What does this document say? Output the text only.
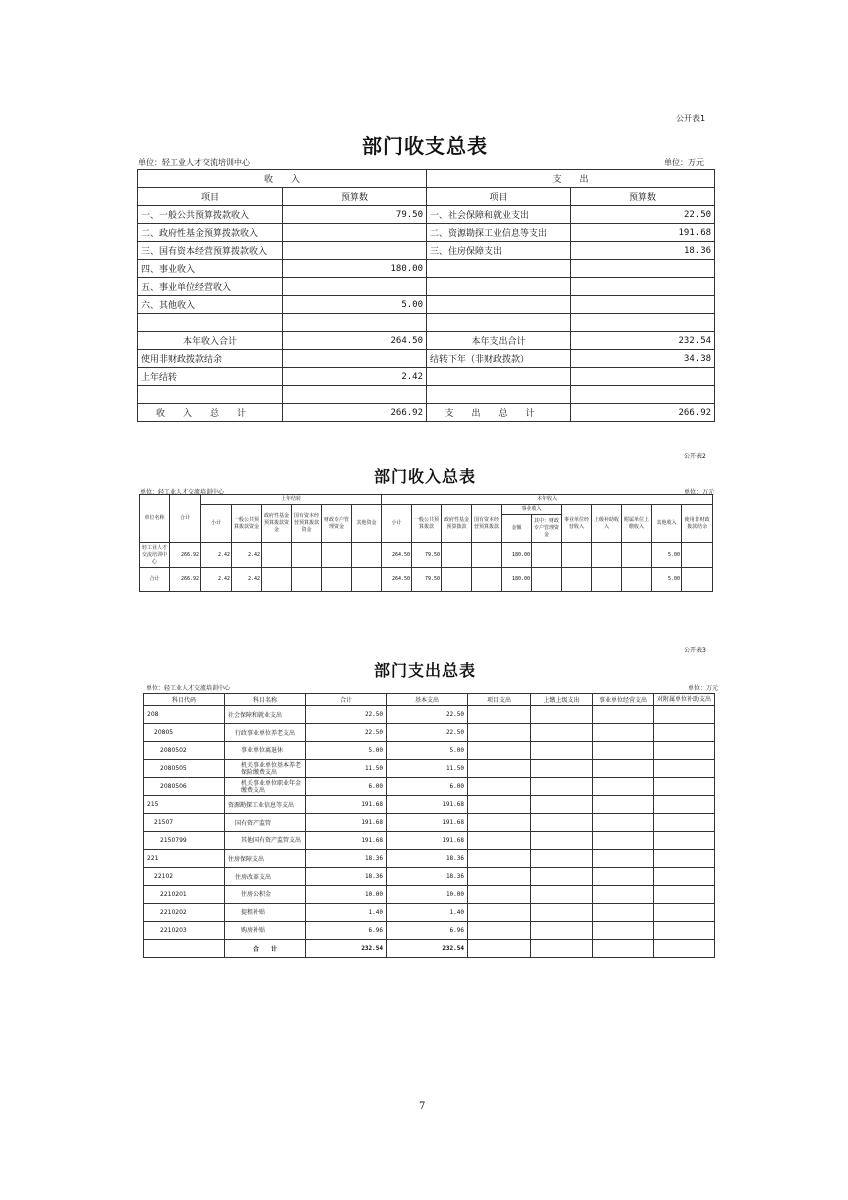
公开表1
部门收支总表
单位：轻工业人才交流培训中心	单位：万元
收　　入		支　　出	
项目	预算数	项目	预算数
一、一般公共预算拨款收入	79.50	一、社会保障和就业支出	22.50
二、政府性基金预算拨款收入		二、资源勘探工业信息等支出	191.68
三、国有资本经营预算拨款收入		三、住房保障支出	18.36
四、事业收入	180.00		
五、事业单位经营收入			
六、其他收入	5.00		

本年收入合计	264.50	本年支出合计	232.54
使用非财政拨款结余		结转下年（非财政拨款）	34.38
上年结转	2.42		

收入总计	266.92	支出总计	266.92
公开表2
部门收入总表
单位：轻工业人才交流培训中心	单位：万元
单位名称	合计	上年结转						本年收入										
		小计	一般公共预算拨款资金	政府性基金预算拨款资金	国有资本经营预算拨款资金	财政专户管理资金	其他资金	小计	一般公共预算拨款	政府性基金预算拨款	国有资本经营预算拨款	事业收入		事业单位经营收入	上级补助收入	附属单位上缴收入	其他收入	使用非财政拨款结余
												金额	其中：财政专户管理资金					
轻工业人才交流培训中心	266.92	2.42	2.42					264.50	79.50			180.00					5.00	
合计	266.92	2.42	2.42					264.50	79.50			180.00					5.00	
公开表3
部门支出总表
单位：轻工业人才交流培训中心	单位：万元
科目代码	科目名称	合计	基本支出	项目支出	上缴上级支出	事业单位经营支出	对附属单位补助支出
208	社会保障和就业支出	22.50	22.50				
20805	行政事业单位养老支出	22.50	22.50				
2080502	事业单位离退休	5.00	5.00				
2080505	机关事业单位基本养老保险缴费支出	11.50	11.50				
2080506	机关事业单位职业年金缴费支出	6.00	6.00				
215	资源勘探工业信息等支出	191.68	191.68				
21507	国有资产监管	191.68	191.68				
2150799	其他国有资产监管支出	191.68	191.68				
221	住房保障支出	18.36	18.36				
22102	住房改革支出	18.36	18.36				
2210201	住房公积金	10.00	10.00				
2210202	提租补贴	1.40	1.40				
2210203	购房补贴	6.96	6.96				
	合　　计	232.54	232.54				
7
